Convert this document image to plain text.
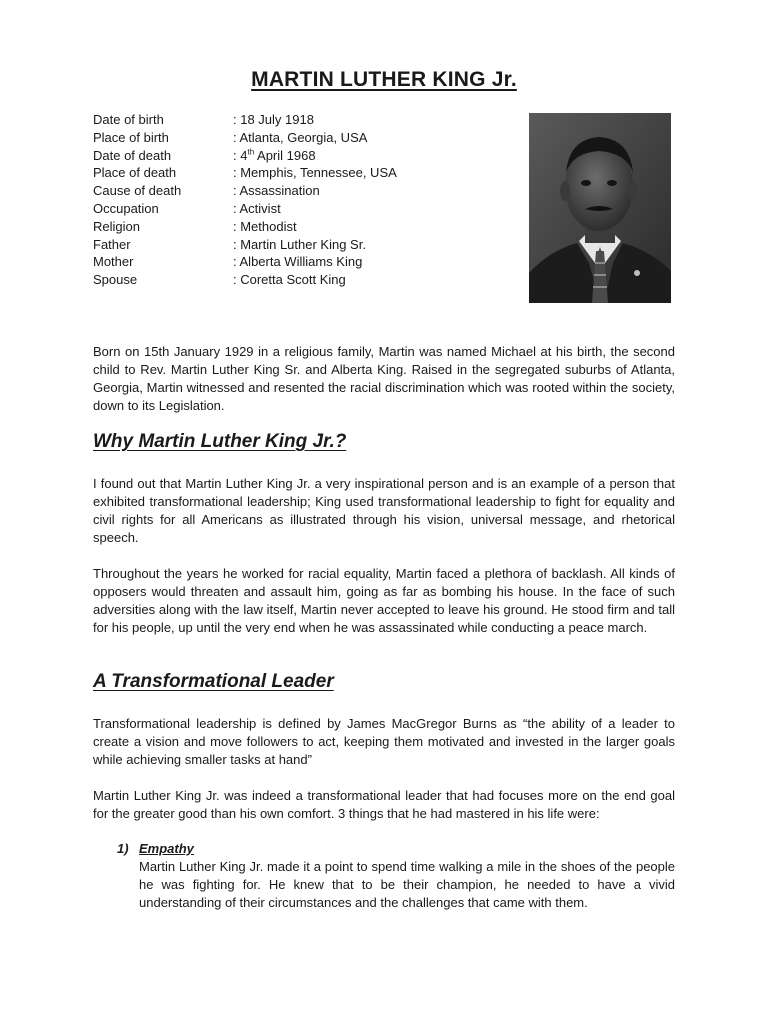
MARTIN LUTHER KING Jr.
Date of birth	: 18 July 1918
Place of birth	: Atlanta, Georgia, USA
Date of death	: 4th April 1968
Place of death	: Memphis, Tennessee, USA
Cause of death	: Assassination
Occupation	: Activist
Religion	: Methodist
Father	: Martin Luther King Sr.
Mother	: Alberta Williams King
Spouse	: Coretta Scott King

Born on 15th January 1929 in a religious family, Martin was named Michael at his birth, the second child to Rev. Martin Luther King Sr. and Alberta King. Raised in the segregated suburbs of Atlanta, Georgia, Martin witnessed and resented the racial discrimination which was rooted within the society, down to its Legislation.

Why Martin Luther King Jr.?

I found out that Martin Luther King Jr. a very inspirational person and is an example of a person that exhibited transformational leadership; King used transformational leadership to fight for equality and civil rights for all Americans as illustrated through his vision, universal message, and rhetorical speech.

Throughout the years he worked for racial equality, Martin faced a plethora of backlash. All kinds of opposers would threaten and assault him, going as far as bombing his house. In the face of such adversities along with the law itself, Martin never accepted to leave his ground. He stood firm and tall for his people, up until the very end when he was assassinated while conducting a peace march.

A Transformational Leader

Transformational leadership is defined by James MacGregor Burns as “the ability of a leader to create a vision and move followers to act, keeping them motivated and invested in the larger goals while achieving smaller tasks at hand”

Martin Luther King Jr. was indeed a transformational leader that had focuses more on the end goal for the greater good than his own comfort. 3 things that he had mastered in his life were:

1) Empathy

Martin Luther King Jr. made it a point to spend time walking a mile in the shoes of the people he was fighting for. He knew that to be their champion, he needed to have a vivid understanding of their circumstances and the challenges that came with them.
